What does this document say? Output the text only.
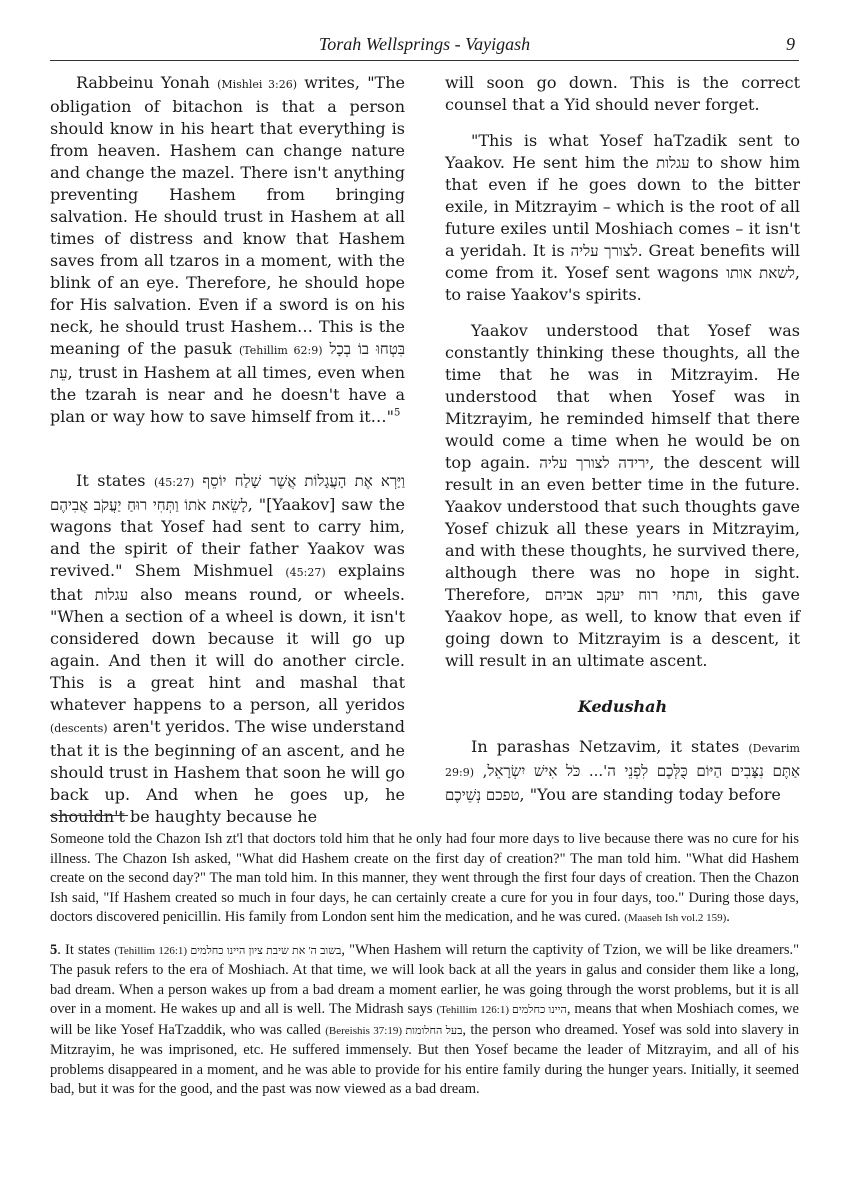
Torah Wellsprings - Vayigash	9

Rabbeinu Yonah (Mishlei 3:26) writes, "The obligation of bitachon is that a person should know in his heart that everything is from heaven. Hashem can change nature and change the mazel. There isn't anything preventing Hashem from bringing salvation. He should trust in Hashem at all times of distress and know that Hashem saves from all tzaros in a moment, with the blink of an eye. Therefore, he should hope for His salvation. Even if a sword is on his neck, he should trust Hashem… This is the meaning of the pasuk (Tehillim 62:9) בִּטְחוּ בוֹ בְכָל עֵת, trust in Hashem at all times, even when the tzarah is near and he doesn't have a plan or way how to save himself from it…"$^5$

It states (45:27) וַיַּרְא אֶת הָעֲגָלוֹת אֲשֶׁר שָׁלַח יוֹסֵף לָשֵׂאת אֹתוֹ וַתְּחִי רוּחַ יַעֲקֹב אֲבִיהֶם, "[Yaakov] saw the wagons that Yosef had sent to carry him, and the spirit of their father Yaakov was revived." Shem Mishmuel (45:27) explains that עגלות also means round, or wheels. "When a section of a wheel is down, it isn't considered down because it will go up again. And then it will do another circle. This is a great hint and mashal that whatever happens to a person, all yeridos (descents) aren't yeridos. The wise understand that it is the beginning of an ascent, and he should trust in Hashem that soon he will go back up. And when he goes up, he shouldn't be haughty because he

will soon go down. This is the correct counsel that a Yid should never forget.

"This is what Yosef haTzadik sent to Yaakov. He sent him the עגלות to show him that even if he goes down to the bitter exile, in Mitzrayim – which is the root of all future exiles until Moshiach comes – it isn't a yeridah. It is לצורך עליה. Great benefits will come from it. Yosef sent wagons לשאת אותו, to raise Yaakov's spirits.

Yaakov understood that Yosef was constantly thinking these thoughts, all the time that he was in Mitzrayim. He understood that when Yosef was in Mitzrayim, he reminded himself that there would come a time when he would be on top again. ירידה לצורך עליה, the descent will result in an even better time in the future. Yaakov understood that such thoughts gave Yosef chizuk all these years in Mitzrayim, and with these thoughts, he survived there, although there was no hope in sight. Therefore, ותחי רוח יעקב אביהם, this gave Yaakov hope, as well, to know that even if going down to Mitzrayim is a descent, it will result in an ultimate ascent.

Kedushah

In parashas Netzavim, it states (Devarim 29:9) אַתֶּם נִצָּבִים הַיּוֹם כֻּלְּכֶם לִפְנֵי ה'... כֹּל אִישׁ יִשְׂרָאֵל, טפכם נְשֵׁיכֶם, "You are standing today before

Someone told the Chazon Ish zt'l that doctors told him that he only had four more days to live because there was no cure for his illness. The Chazon Ish asked, "What did Hashem create on the first day of creation?" The man told him. "What did Hashem create on the second day?" The man told him. In this manner, they went through the first four days of creation. Then the Chazon Ish said, "If Hashem created so much in four days, he can certainly create a cure for you in four days, too." During those days, doctors discovered penicillin. His family from London sent him the medication, and he was cured. (Maaseh Ish vol.2 159).

5. It states (Tehillim 126:1) בשוב ה' את שיבת ציון היינו כחלמים, "When Hashem will return the captivity of Tzion, we will be like dreamers." The pasuk refers to the era of Moshiach. At that time, we will look back at all the years in galus and consider them like a long, bad dream. When a person wakes up from a bad dream a moment earlier, he was going through the worst problems, but it is all over in a moment. He wakes up and all is well. The Midrash says (Tehillim 126:1) היינו כחלמים, means that when Moshiach comes, we will be like Yosef HaTzaddik, who was called (Bereishis 37:19) בעל החלומות, the person who dreamed. Yosef was sold into slavery in Mitzrayim, he was imprisoned, etc. He suffered immensely. But then Yosef became the leader of Mitzrayim, and all of his problems disappeared in a moment, and he was able to provide for his entire family during the hunger years. Initially, it seemed bad, but it was for the good, and the past was now viewed as a bad dream.
